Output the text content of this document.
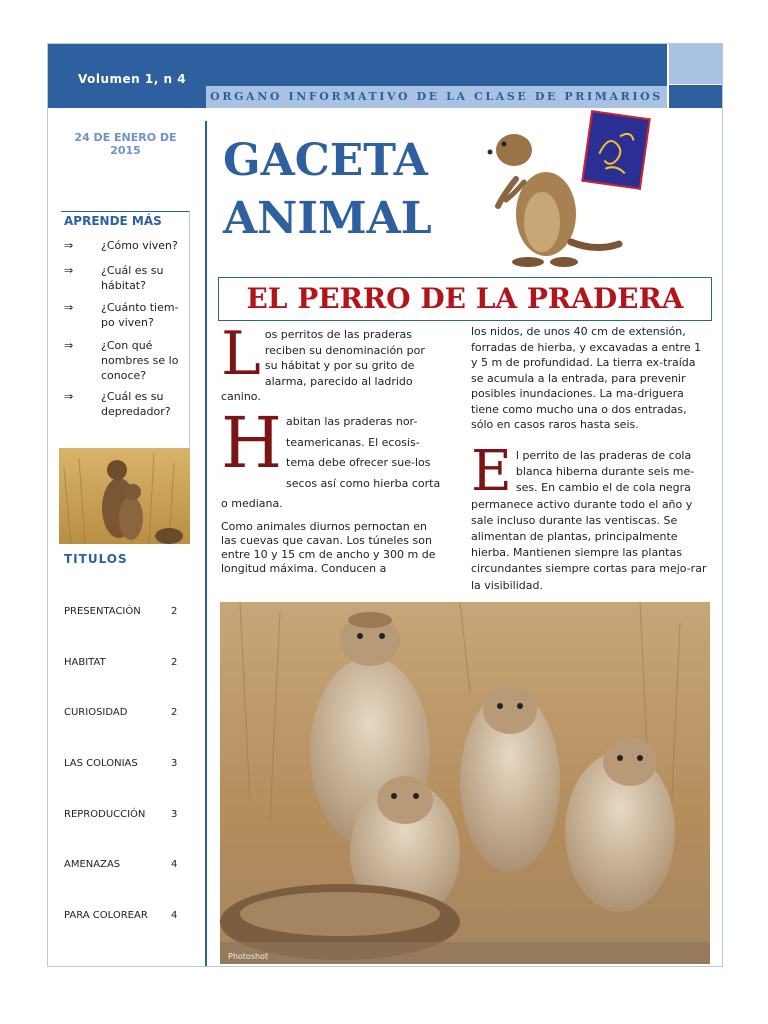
Volumen 1, n 4
ORGANO INFORMATIVO DE LA CLASE DE PRIMARIOS
24 DE ENERO DE 2015
APRENDE MÁS
⇒	¿Cómo viven?
⇒	¿Cuál es su hábitat?
⇒	¿Cuánto tiem-po viven?
⇒	¿Con qué nombres se lo conoce?
⇒	¿Cuál es su depredador?
TITULOS
PRESENTACIÓN	2
HABITAT	2
CURIOSIDAD	2
LAS COLONIAS	3
REPRODUCCIÓN	3
AMENAZAS	4
PARA COLOREAR 4
GACETA
ANIMAL
EL PERRO DE LA PRADERA
Los perritos de las praderas reciben su denominación por su hábitat y por su grito de alarma, parecido al ladrido canino.
Habitan las praderas nor-teamericanas. El ecosis-tema debe ofrecer sue-los secos así como hierba corta o mediana.
Como animales diurnos pernoctan en las cuevas que cavan. Los túneles son entre 10 y 15 cm de ancho y 300 m de longitud máxima. Conducen a
los nidos, de unos 40 cm de extensión, forradas de hierba, y excavadas a entre 1 y 5 m de profundidad. La tierra ex-traída se acumula a la entrada, para prevenir posibles inundaciones. La ma-driguera tiene como mucho una o dos entradas, sólo en casos raros hasta seis.
El perrito de las praderas de cola blanca hiberna durante seis me-ses. En cambio el de cola negra permanece activo durante todo el año y sale incluso durante las ventiscas. Se alimentan de plantas, principalmente hierba. Mantienen siempre las plantas circundantes siempre cortas para mejo-rar la visibilidad.
Photoshot
